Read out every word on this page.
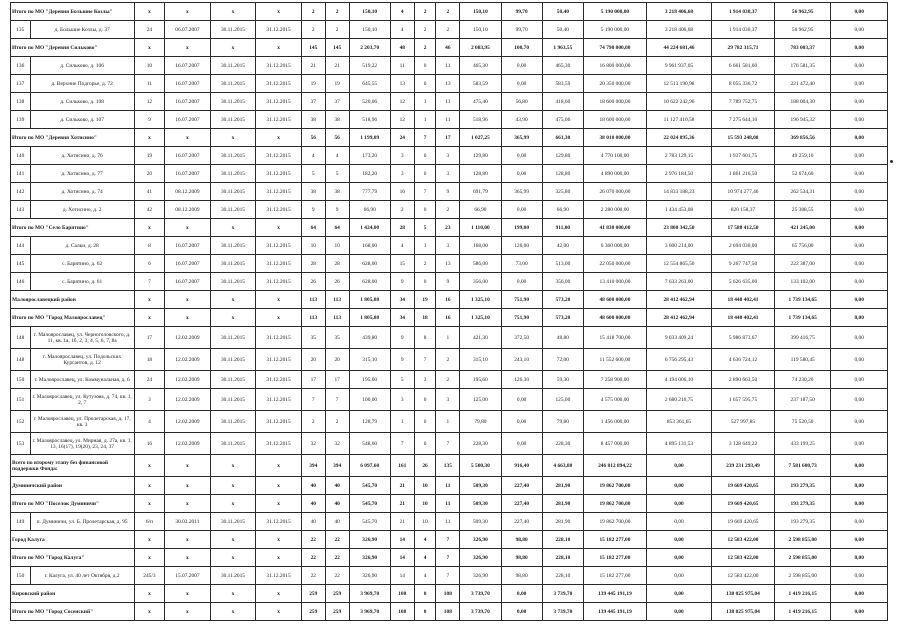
Итого по МО "Деревня Большие Козлы"		x	x	x	x	2	2	150,10	4	2	2	150,10	99,70	50,40	5 190 000,00	3 218 406,68	1 914 030,37	56 962,95	0,00
135	д. Большие Козлы, д. 37	24	06.07.2007	30.11.2015	31.12.2015	2	2	150,10	4	2	2	150,10	99,70	50,40	5 190 000,00	3 218 406,68	1 914 030,37	56 962,95	0,00
Итого по МО "Деревня Сильково"		x	x	x	x	145	145	2 203,70	48	2	46	2 083,95	100,70	1 963,55	74 790 000,00	44 224 681,46	29 782 315,71	783 003,37	0,00
136	д. Сильково, д. 106	10	16.07.2007	30.11.2015	31.12.2015	21	21	519,22	11	0	11	465,30	0,00	465,30	16 800 000,00	9 961 937,05	6 661 581,60	176 581,35	0,00
137	д. Верхние Подгорье, д. 72	11	16.07.2007	30.11.2015	31.12.2015	19	19	645,55	13	0	13	583,59	0,00	583,59	20 350 000,00	12 513 190,98	8 055 336,72	221 472,40	0,00
138	д. Сильково, д. 108	12	16.07.2007	30.11.2015	31.12.2015	37	37	520,06	12	1	11	475,40	56,80	418,60	18 600 000,00	10 622 242,96	7 789 752,75	188 004,30	0,00
139	д. Сильково, д. 107	9	16.07.2007	30.11.2015	31.12.2015	38	38	518,96	12	1	11	518,96	43,90	475,06	18 600 000,00	11 127 410,58	7 275 644,10	196 945,32	0,00
Итого по МО "Деревня Хотисино"		x	x	x	x	56	56	1 199,09	24	7	17	1 027,25	365,99	661,30	38 010 000,00	22 024 895,36	15 593 248,08	369 856,56	0,00
140	д. Хотисино, д. 76	19	16.07.2007	30.11.2015	31.12.2015	4	4	173,20	3	0	3	129,80	0,00	129,80	4 770 100,00	2 783 129,15	1 937 601,75	49 259,10	0,00
141	д. Хотисино, д. 77	20	16.07.2007	30.11.2015	31.12.2015	5	5	182,20	3	0	3	128,80	0,00	128,80	4 890 000,00	2 976 184,50	1 861 216,50	52 674,60	0,00
142	д. Хотисино, д. 74	41	08.12.2009	30.11.2015	31.12.2015	38	38	777,79	16	7	9	691,79	365,99	325,80	26 070 000,00	14 833 188,23	10 974 277,46	262 534,31	0,00
143	д. Хотисино, д. 2	42	08.12.2009	30.11.2015	31.12.2015	9	9	66,90	2	0	2	66,90	0,00	66,90	2 280 000,00	1 434 453,08	820 158,37	25 388,55	0,00
Итого по МО "Село Барятино"		x	x	x	x	64	64	1 424,00	28	5	23	1 110,00	199,00	911,00	41 830 000,00	23 800 342,50	17 588 412,50	421 245,00	0,00
144	д. Салки, д. 28	8	16.07.2007	30.11.2015	31.12.2015	10	10	168,00	4	1	3	168,00	126,00	42,00	6 360 000,00	3 600 214,00	2 694 030,00	65 756,00	0,00
145	с. Барятино, д. 62	6	16.07.2007	30.11.2015	31.12.2015	28	28	628,00	15	2	13	586,00	73,00	513,00	22 050 000,00	12 554 865,50	9 267 747,50	222 387,00	0,00
146	с. Барятино, д. 61	7	16.07.2007	30.11.2015	31.12.2015	26	26	628,00	9	0	9	356,00	0,00	356,00	13 410 000,00	7 633 263,00	5 626 635,00	133 102,00	0,00
Малоярославецкий район		x	x	x	x	113	113	1 805,80	34	19	16	1 325,10	751,90	573,20	48 600 000,00	28 412 462,94	18 448 402,41	1 739 134,65	0,00
Итого по МО "Город Малоярославец"		x	x	x	x	113	113	1 805,80	34	18	16	1 325,10	751,90	573,20	48 600 000,00	28 412 462,94	18 448 402,41	1 739 134,65	0,00
148	г. Малоярославец, ул. Черноголовского, д. 11, кв. 1а, 1б, 2, 3, 4, 5, 6, 7, 8а	17	12.02.2009	30.11.2015	31.12.2015	35	35	439,80	9	8	1	421,30	372,50	48,80	15 418 700,00	9 033 409,24	5 986 873,67	399 416,75	0,00
148	г. Малоярославец, ул. Подольских Курсантов, д. 12	18	12.02.2009	30.11.2015	31.12.2015	20	20	315,10	9	7	2	315,10	243,10	72,00	11 552 600,00	6 756 295,43	4 636 724,12	119 580,45	0,00
150	г. Малоярославец, ул. Коммунальная, д. 6	24	12.02.2009	30.11.2015	31.12.2015	17	17	195,60	5	3	2	195,60	126,30	59,30	7 258 900,00	4 194 006,10	2 890 663,50	74 230,20	0,00
151	г. Малоярославец, ул. Кутузова, д. 74, кв. 1, 2, 7	3	12.02.2009	30.11.2015	31.12.2015	7	7	100,00	3	0	3	125,00	0,00	125,00	4 575 000,00	2 680 216,75	1 657 595,75	237 187,50	0,00
152	г. Малоярославец, ул. Пролетарская, д. 17, кв. 3	4	12.02.2009	30.11.2015	31.12.2015	2	2	128,79	1	0	1	79,80	0,00	79,80	1 456 000,00	853 361,65	527 997,85	75 520,50	0,00
153	г. Малоярославец, ул. Мирная, д. 27а, кв. 1, 13, 16(17), 19(20), 23, 24, 37	16	12.02.2009	30.11.2015	31.12.2015	32	32	548,60	7	0	7	228,30	0,00	228,30	8 457 000,00	4 895 131,53	3 128 649,22	433 199,25	0,00
Всего по второму этапу без финансовой поддержки Фонда:		x	x	x	x	394	394	6 097,60	161	26	135	5 500,30	916,40	4 663,80	246 812 894,22	0,00	239 231 293,49	7 581 600,73	0,00
Думиничский район		x	x	x	x	40	40	545,70	21	10	11	509,30	227,40	281,90	19 862 700,00	0,00	19 669 420,65	193 279,35	0,00
Итого по МО "Поселок Думиничи"		x	x	x	x	40	40	545,70	21	10	11	509,30	227,40	281,90	19 862 700,00	0,00	19 669 420,65	193 279,35	0,00
149	п. Думиничи, ул. Б. Пролетарская, д. 95	6/п	30.03.2011	30.11.2015	31.12.2015	40	40	545,70	21	10	11	509,30	227,40	281,90	19 862 700,00	0,00	19 669 420,65	193 279,35	0,00
Город Калуга		x	x	x	x	22	22	326,90	14	4	7	326,90	98,80	228,10	15 182 277,00	0,00	12 583 422,00	2 598 855,00	0,00
Итого по МО "Город Калуга"		x	x	x	x	22	22	326,90	14	4	7	326,90	98,80	228,10	15 182 277,00	0,00	12 583 422,00	2 598 855,00	0,00
150	г. Калуга, ул. 40 лет Октября, д.2	245/3	15.07.2007	30.11.2015	31.12.2015	22	22	326,90	14	4	7	326,90	98,80	228,10	15 182 277,00	0,00	12 583 422,00	2 598 855,00	0,00
Кировский район		x	x	x	x	259	259	3 969,70	108	0	108	3 739,70	0,00	3 739,70	139 445 191,19	0,00	138 025 975,04	1 419 216,15	0,00
Итого по МО "Город Сосенский"		x	x	x	x	259	259	3 969,70	108	0	108	3 739,70	0,00	3 739,70	139 445 191,19	0,00	138 025 975,04	1 419 216,15	0,00
